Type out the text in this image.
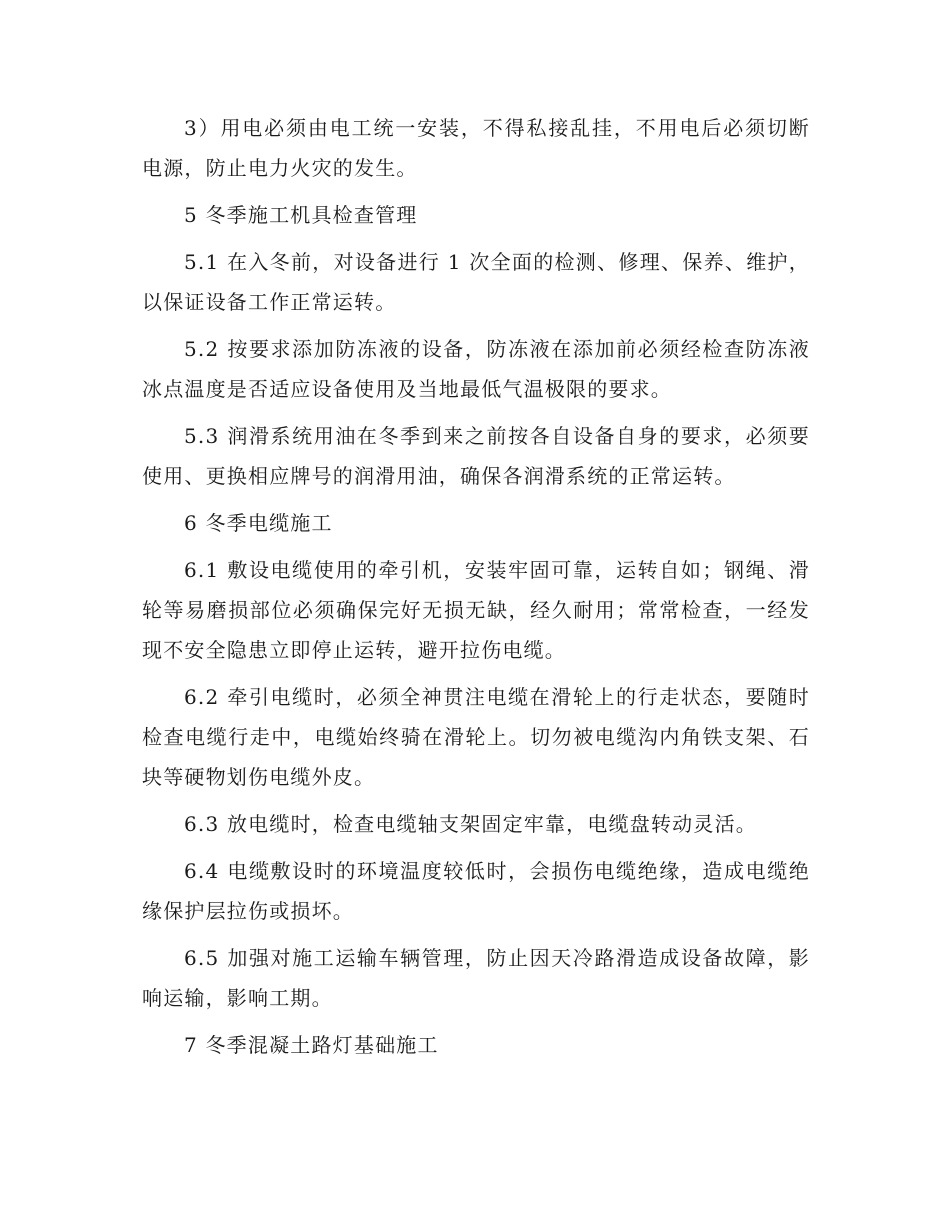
3）用电必须由电工统一安装，不得私接乱挂，不用电后必须切断电源，防止电力火灾的发生。

5 冬季施工机具检查管理

5.1 在入冬前，对设备进行 1 次全面的检测、修理、保养、维护，以保证设备工作正常运转。

5.2 按要求添加防冻液的设备，防冻液在添加前必须经检查防冻液冰点温度是否适应设备使用及当地最低气温极限的要求。

5.3 润滑系统用油在冬季到来之前按各自设备自身的要求，必须要使用、更换相应牌号的润滑用油，确保各润滑系统的正常运转。

6 冬季电缆施工

6.1 敷设电缆使用的牵引机，安装牢固可靠，运转自如；钢绳、滑轮等易磨损部位必须确保完好无损无缺，经久耐用；常常检查，一经发现不安全隐患立即停止运转，避开拉伤电缆。

6.2 牵引电缆时，必须全神贯注电缆在滑轮上的行走状态，要随时检查电缆行走中，电缆始终骑在滑轮上。切勿被电缆沟内角铁支架、石块等硬物划伤电缆外皮。

6.3 放电缆时，检查电缆轴支架固定牢靠，电缆盘转动灵活。

6.4 电缆敷设时的环境温度较低时，会损伤电缆绝缘，造成电缆绝缘保护层拉伤或损坏。

6.5 加强对施工运输车辆管理，防止因天冷路滑造成设备故障，影响运输，影响工期。

7 冬季混凝土路灯基础施工
